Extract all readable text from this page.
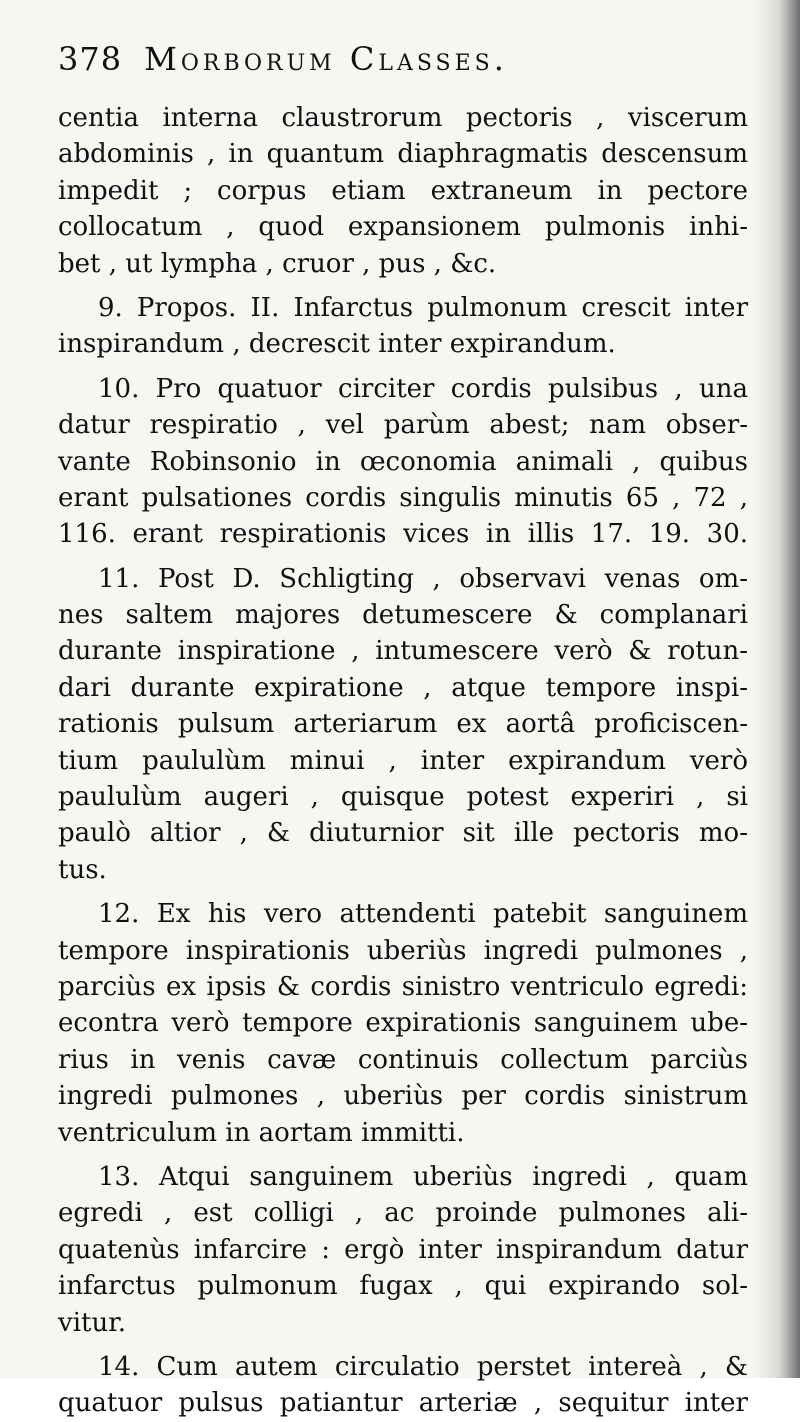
378 Morborum Classes.
centia interna claustrorum pectoris , viscerum
abdominis , in quantum diaphragmatis descensum
impedit ; corpus etiam extraneum in pectore
collocatum , quod expansionem pulmonis inhi-
bet , ut lympha , cruor , pus , &c.
9. Propos. II. Infarctus pulmonum crescit inter
inspirandum , decrescit inter expirandum.
10. Pro quatuor circiter cordis pulsibus , una
datur respiratio , vel parùm abest; nam obser-
vante Robinsonio in œconomia animali , quibus
erant pulsationes cordis singulis minutis 65 , 72 ,
116. erant respirationis vices in illis 17. 19. 30.
11. Post D. Schligting , observavi venas om-
nes saltem majores detumescere & complanari
durante inspiratione , intumescere verò & rotun-
dari durante expiratione , atque tempore inspi-
rationis pulsum arteriarum ex aortâ proficiscen-
tium paululùm minui , inter expirandum verò
paululùm augeri , quisque potest experiri , si
paulò altior , & diuturnior sit ille pectoris mo-
tus.
12. Ex his vero attendenti patebit sanguinem
tempore inspirationis uberiùs ingredi pulmones ,
parciùs ex ipsis & cordis sinistro ventriculo egredi:
econtra verò tempore expirationis sanguinem ube-
rius in venis cavæ continuis collectum parciùs
ingredi pulmones , uberiùs per cordis sinistrum
ventriculum in aortam immitti.
13. Atqui sanguinem uberiùs ingredi , quam
egredi , est colligi , ac proinde pulmones ali-
quatenùs infarcire : ergò inter inspirandum datur
infarctus pulmonum fugax , qui expirando sol-
vitur.
14. Cum autem circulatio perstet intereà , &
quatuor pulsus patiantur arteriæ , sequitur inter
